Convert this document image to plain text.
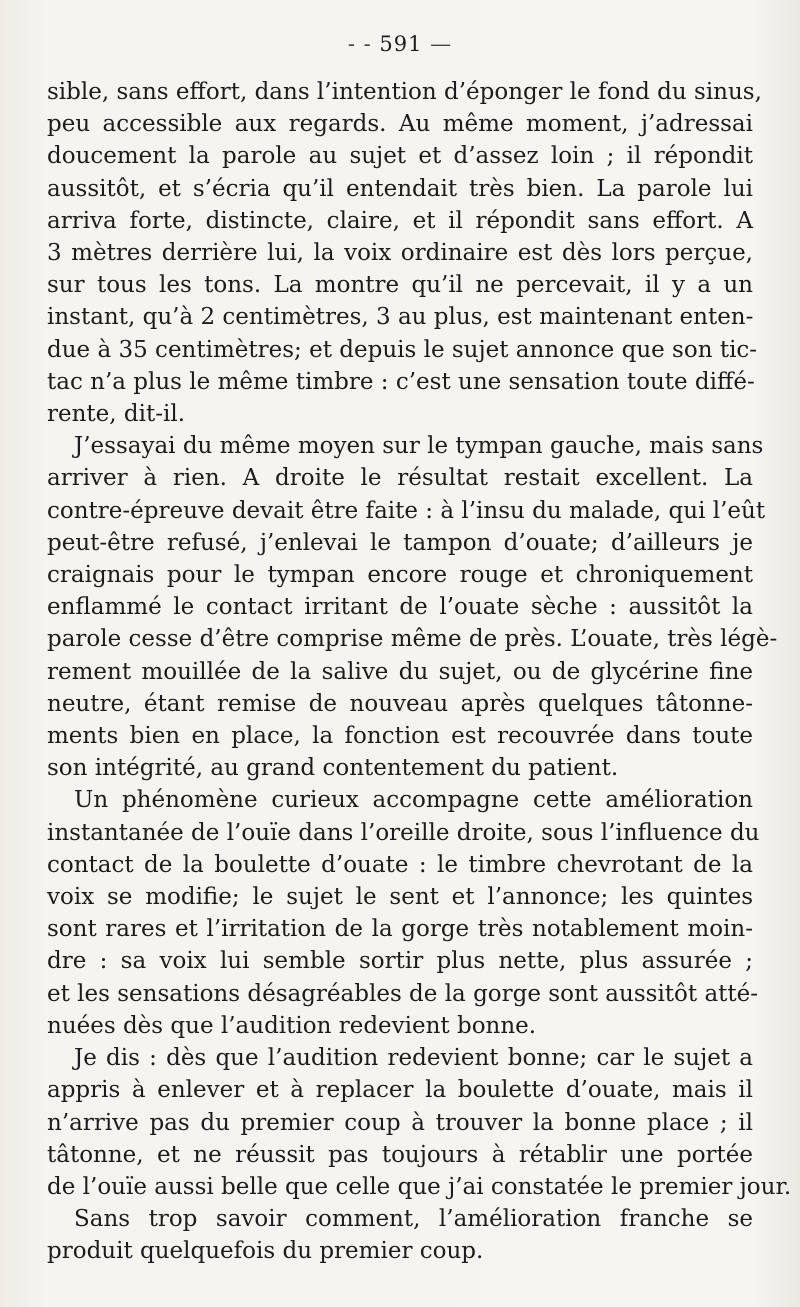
- - 591 —
sible, sans effort, dans l’intention d’éponger le fond du sinus,
peu accessible aux regards. Au même moment, j’adressai
doucement la parole au sujet et d’assez loin ; il répondit
aussitôt, et s’écria qu’il entendait très bien. La parole lui
arriva forte, distincte, claire, et il répondit sans effort. A
3 mètres derrière lui, la voix ordinaire est dès lors perçue,
sur tous les tons. La montre qu’il ne percevait, il y a un
instant, qu’à 2 centimètres, 3 au plus, est maintenant enten-
due à 35 centimètres; et depuis le sujet annonce que son tic-
tac n’a plus le même timbre : c’est une sensation toute diffé-
rente, dit-il.
J’essayai du même moyen sur le tympan gauche, mais sans
arriver à rien. A droite le résultat restait excellent. La
contre-épreuve devait être faite : à l’insu du malade, qui l’eût
peut-être refusé, j’enlevai le tampon d’ouate; d’ailleurs je
craignais pour le tympan encore rouge et chroniquement
enflammé le contact irritant de l’ouate sèche : aussitôt la
parole cesse d’être comprise même de près. L’ouate, très légè-
rement mouillée de la salive du sujet, ou de glycérine fine
neutre, étant remise de nouveau après quelques tâtonne-
ments bien en place, la fonction est recouvrée dans toute
son intégrité, au grand contentement du patient.
Un phénomène curieux accompagne cette amélioration
instantanée de l’ouïe dans l’oreille droite, sous l’influence du
contact de la boulette d’ouate : le timbre chevrotant de la
voix se modifie; le sujet le sent et l’annonce; les quintes
sont rares et l’irritation de la gorge très notablement moin-
dre : sa voix lui semble sortir plus nette, plus assurée ;
et les sensations désagréables de la gorge sont aussitôt atté-
nuées dès que l’audition redevient bonne.
Je dis : dès que l’audition redevient bonne; car le sujet a
appris à enlever et à replacer la boulette d’ouate, mais il
n’arrive pas du premier coup à trouver la bonne place ; il
tâtonne, et ne réussit pas toujours à rétablir une portée
de l’ouïe aussi belle que celle que j’ai constatée le premier jour.
Sans trop savoir comment, l’amélioration franche se
produit quelquefois du premier coup.
